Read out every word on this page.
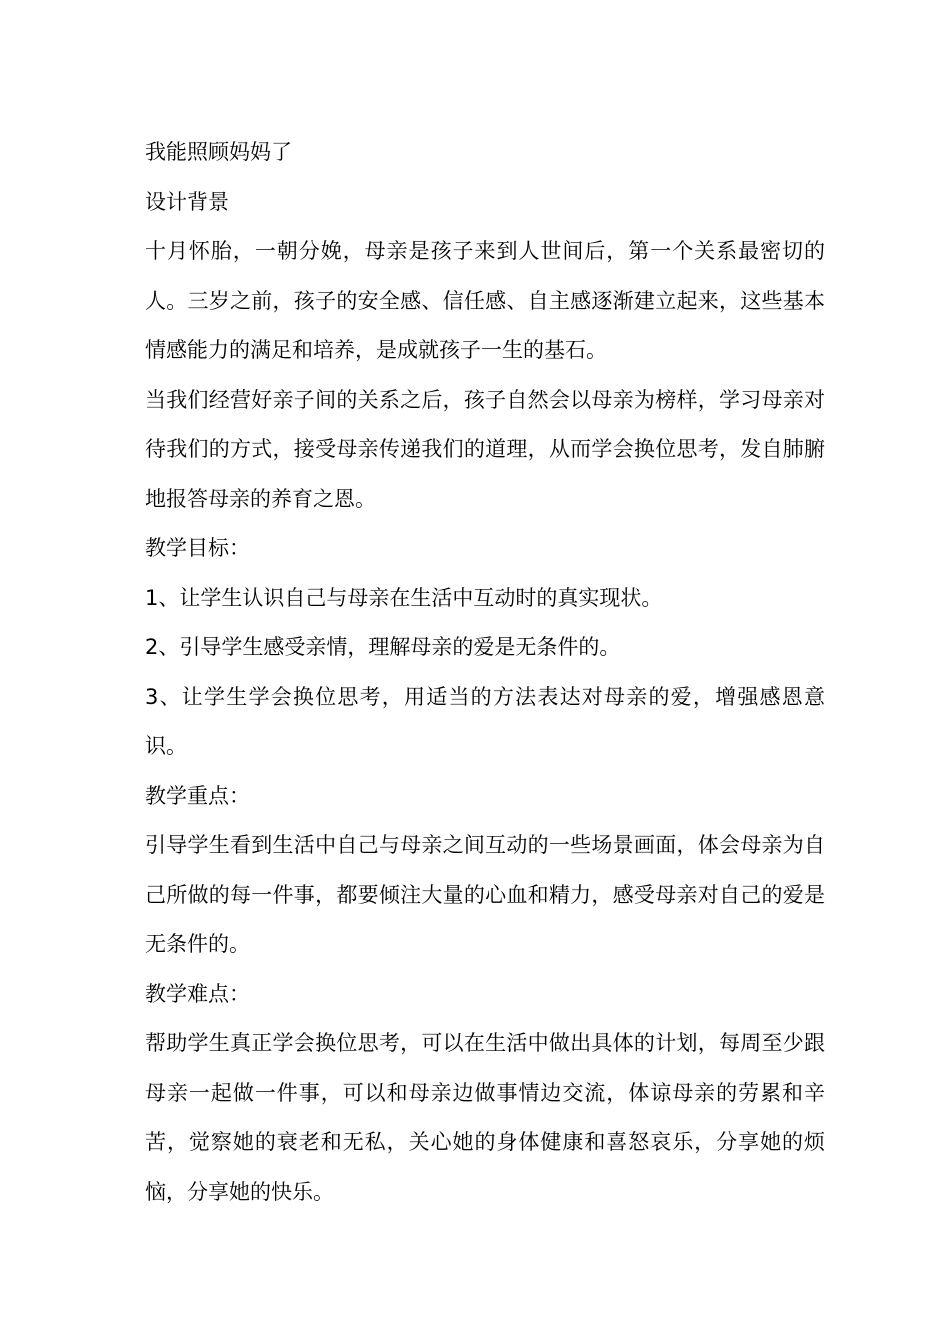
我能照顾妈妈了

设计背景

十月怀胎，一朝分娩，母亲是孩子来到人世间后，第一个关系最密切的人。三岁之前，孩子的安全感、信任感、自主感逐渐建立起来，这些基本情感能力的满足和培养，是成就孩子一生的基石。

当我们经营好亲子间的关系之后，孩子自然会以母亲为榜样，学习母亲对待我们的方式，接受母亲传递我们的道理，从而学会换位思考，发自肺腑地报答母亲的养育之恩。

教学目标：

1、让学生认识自己与母亲在生活中互动时的真实现状。

2、引导学生感受亲情，理解母亲的爱是无条件的。

3、让学生学会换位思考，用适当的方法表达对母亲的爱，增强感恩意识。

教学重点：

引导学生看到生活中自己与母亲之间互动的一些场景画面，体会母亲为自己所做的每一件事，都要倾注大量的心血和精力，感受母亲对自己的爱是无条件的。

教学难点：

帮助学生真正学会换位思考，可以在生活中做出具体的计划，每周至少跟母亲一起做一件事，可以和母亲边做事情边交流，体谅母亲的劳累和辛苦，觉察她的衰老和无私，关心她的身体健康和喜怒哀乐，分享她的烦恼，分享她的快乐。
